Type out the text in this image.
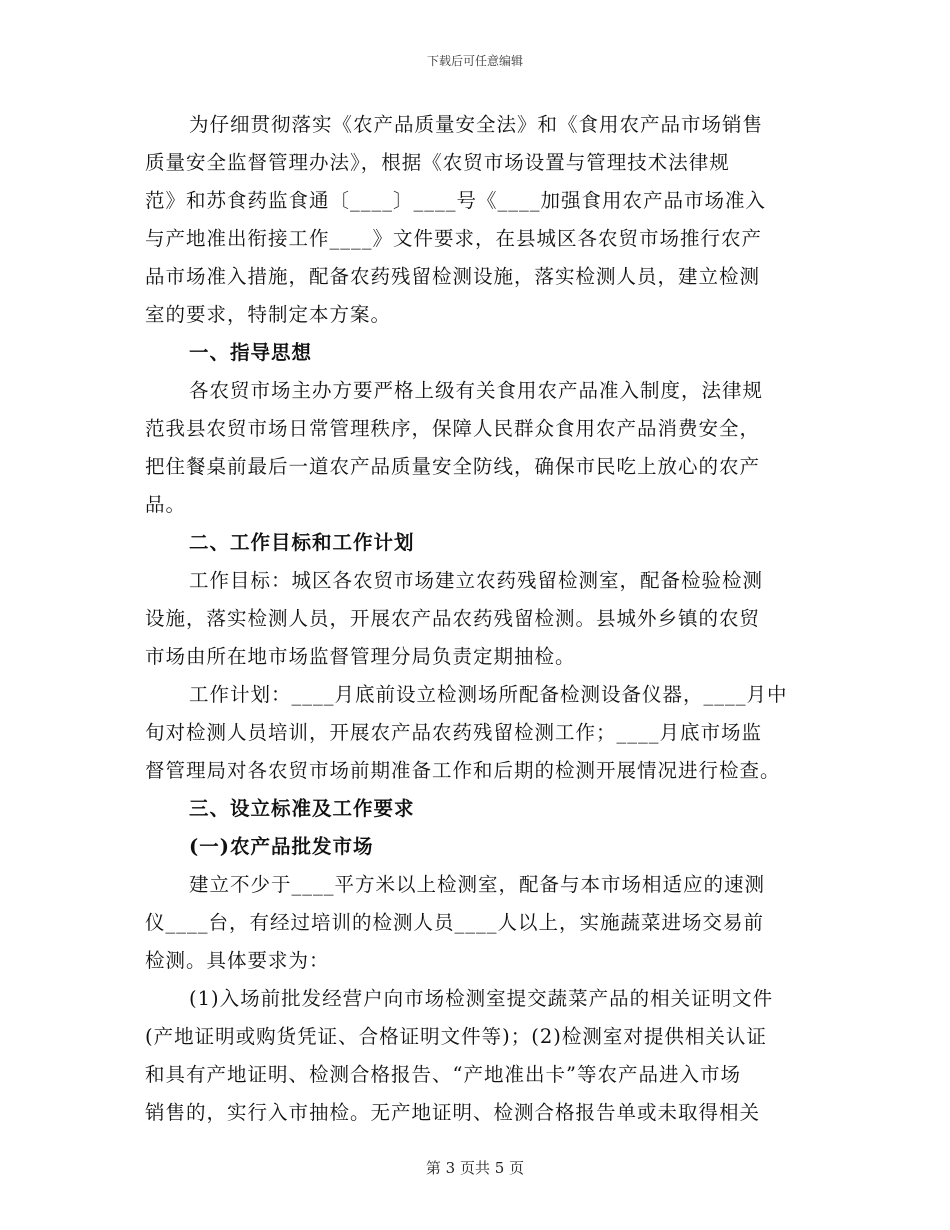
下载后可任意编辑
为仔细贯彻落实《农产品质量安全法》和《食用农产品市场销售
质量安全监督管理办法》，根据《农贸市场设置与管理技术法律规
范》和苏食药监食通〔____〕____号《____加强食用农产品市场准入
与产地准出衔接工作____》文件要求，在县城区各农贸市场推行农产
品市场准入措施，配备农药残留检测设施，落实检测人员，建立检测
室的要求，特制定本方案。
一、指导思想
各农贸市场主办方要严格上级有关食用农产品准入制度，法律规
范我县农贸市场日常管理秩序，保障人民群众食用农产品消费安全，
把住餐桌前最后一道农产品质量安全防线，确保市民吃上放心的农产
品。
二、工作目标和工作计划
工作目标：城区各农贸市场建立农药残留检测室，配备检验检测
设施，落实检测人员，开展农产品农药残留检测。县城外乡镇的农贸
市场由所在地市场监督管理分局负责定期抽检。
工作计划：____月底前设立检测场所配备检测设备仪器，____月中
旬对检测人员培训，开展农产品农药残留检测工作；____月底市场监
督管理局对各农贸市场前期准备工作和后期的检测开展情况进行检查。
三、设立标准及工作要求
(一)农产品批发市场
建立不少于____平方米以上检测室，配备与本市场相适应的速测
仪____台，有经过培训的检测人员____人以上，实施蔬菜进场交易前
检测。具体要求为：
(1)入场前批发经营户向市场检测室提交蔬菜产品的相关证明文件
(产地证明或购货凭证、合格证明文件等)；(2)检测室对提供相关认证
和具有产地证明、检测合格报告、“产地准出卡”等农产品进入市场
销售的，实行入市抽检。无产地证明、检测合格报告单或未取得相关
第 3 页共 5 页
